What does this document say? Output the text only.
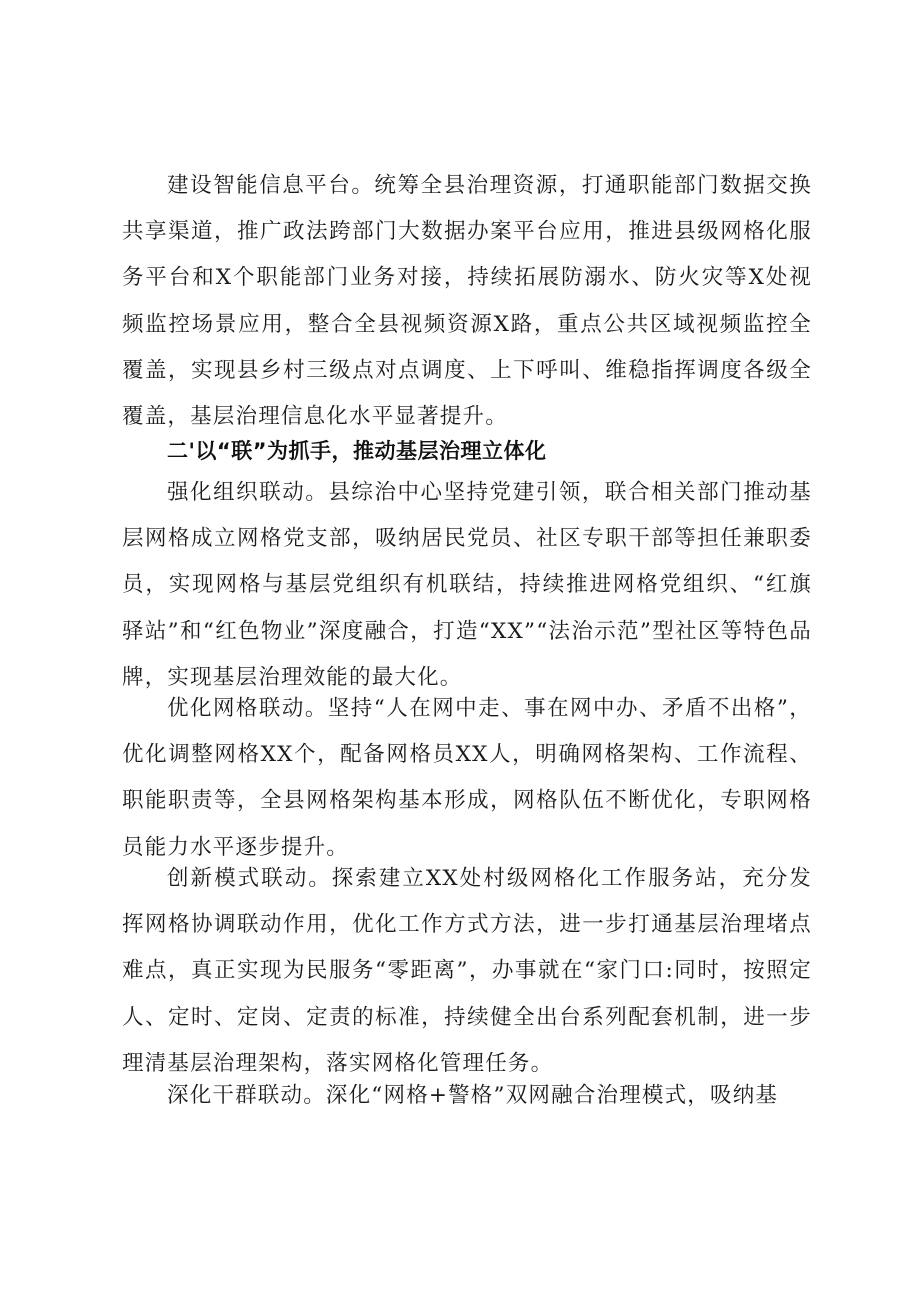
建设智能信息平台。统筹全县治理资源，打通职能部门数据交换共享渠道，推广政法跨部门大数据办案平台应用，推进县级网格化服务平台和X个职能部门业务对接，持续拓展防溺水、防火灾等X处视频监控场景应用，整合全县视频资源X路，重点公共区域视频监控全覆盖，实现县乡村三级点对点调度、上下呼叫、维稳指挥调度各级全覆盖，基层治理信息化水平显著提升。

二'以“联”为抓手，推动基层治理立体化

强化组织联动。县综治中心坚持党建引领，联合相关部门推动基层网格成立网格党支部，吸纳居民党员、社区专职干部等担任兼职委员，实现网格与基层党组织有机联结，持续推进网格党组织、“红旗驿站”和“红色物业”深度融合，打造“XX”“法治示范”型社区等特色品牌，实现基层治理效能的最大化。

优化网格联动。坚持“人在网中走、事在网中办、矛盾不出格”，优化调整网格XX个，配备网格员XX人，明确网格架构、工作流程、职能职责等，全县网格架构基本形成，网格队伍不断优化，专职网格员能力水平逐步提升。

创新模式联动。探索建立XX处村级网格化工作服务站，充分发挥网格协调联动作用，优化工作方式方法，进一步打通基层治理堵点难点，真正实现为民服务“零距离”，办事就在“家门口:同时，按照定人、定时、定岗、定责的标准，持续健全出台系列配套机制，进一步理清基层治理架构，落实网格化管理任务。

深化干群联动。深化“网格+警格”双网融合治理模式，吸纳基
